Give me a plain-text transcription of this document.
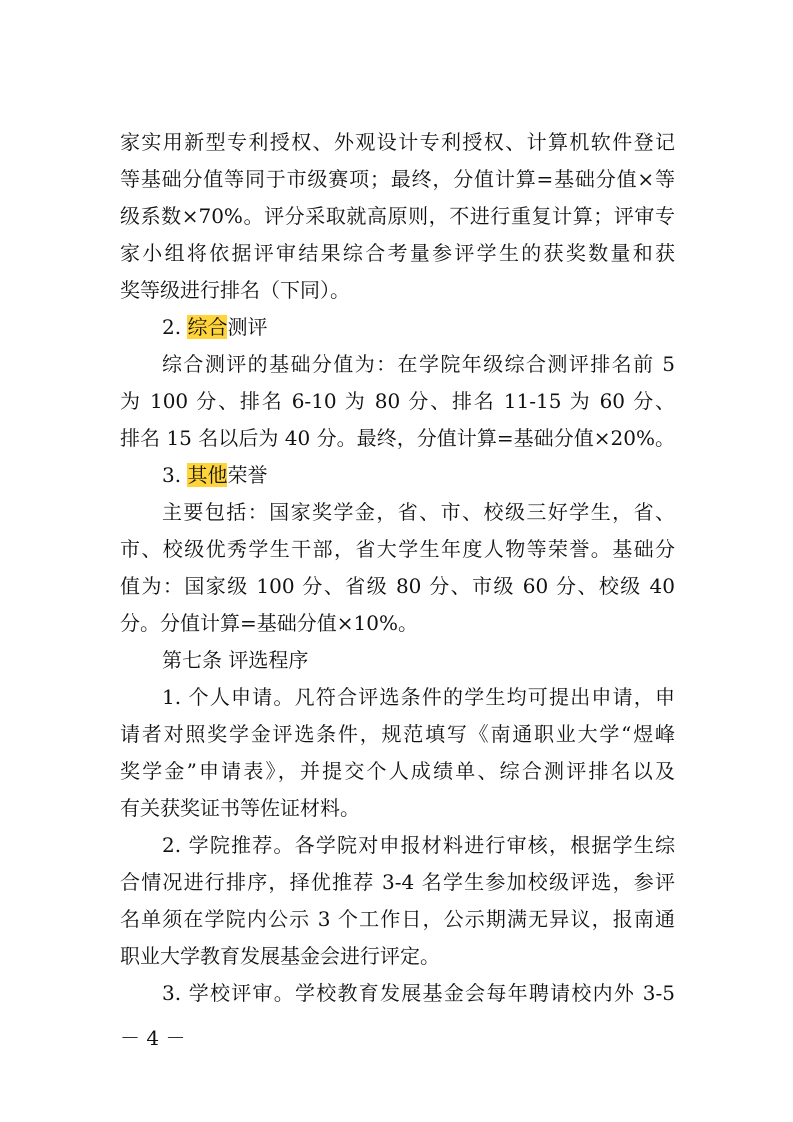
家实用新型专利授权、外观设计专利授权、计算机软件登记
等基础分值等同于市级赛项；最终，分值计算=基础分值×等
级系数×70%。评分采取就高原则，不进行重复计算；评审专
家小组将依据评审结果综合考量参评学生的获奖数量和获
奖等级进行排名（下同）。
2. 综合测评
综合测评的基础分值为：在学院年级综合测评排名前 5
为 100 分、排名 6-10 为 80 分、排名 11-15 为 60 分、
排名 15 名以后为 40 分。最终，分值计算=基础分值×20%。
3. 其他荣誉
主要包括：国家奖学金，省、市、校级三好学生，省、
市、校级优秀学生干部，省大学生年度人物等荣誉。基础分
值为：国家级 100 分、省级 80 分、市级 60 分、校级 40
分。分值计算=基础分值×10%。
第七条 评选程序
1. 个人申请。凡符合评选条件的学生均可提出申请，申
请者对照奖学金评选条件，规范填写《南通职业大学“煜峰
奖学金”申请表》，并提交个人成绩单、综合测评排名以及
有关获奖证书等佐证材料。
2. 学院推荐。各学院对申报材料进行审核，根据学生综
合情况进行排序，择优推荐 3-4 名学生参加校级评选，参评
名单须在学院内公示 3 个工作日，公示期满无异议，报南通
职业大学教育发展基金会进行评定。
3. 学校评审。学校教育发展基金会每年聘请校内外 3-5
－ 4 －
